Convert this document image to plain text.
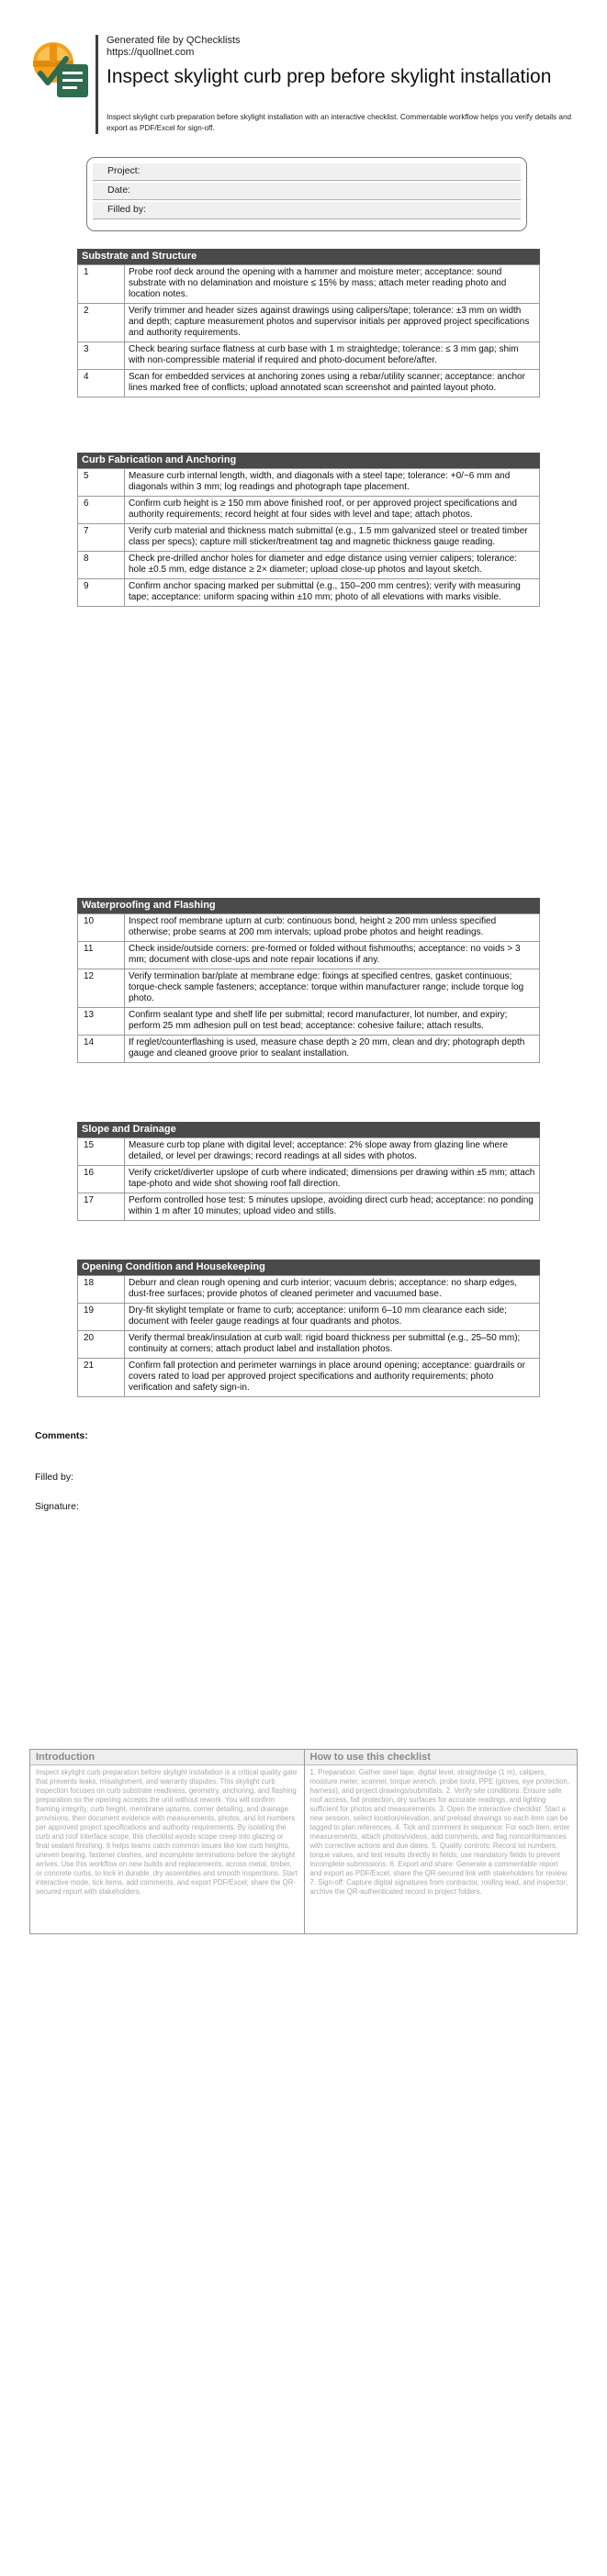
Generated file by QChecklists
https://quollnet.com
Inspect skylight curb prep before skylight installation
Inspect skylight curb preparation before skylight installation with an interactive checklist. Commentable workflow helps you verify details and export as PDF/Excel for sign-off.
Project:
Date:
Filled by:
Substrate and Structure
1	Probe roof deck around the opening with a hammer and moisture meter; acceptance: sound substrate with no delamination and moisture ≤ 15% by mass; attach meter reading photo and location notes.
2	Verify trimmer and header sizes against drawings using calipers/tape; tolerance: ±3 mm on width and depth; capture measurement photos and supervisor initials per approved project specifications and authority requirements.
3	Check bearing surface flatness at curb base with 1 m straightedge; tolerance: ≤ 3 mm gap; shim with non-compressible material if required and photo-document before/after.
4	Scan for embedded services at anchoring zones using a rebar/utility scanner; acceptance: anchor lines marked free of conflicts; upload annotated scan screenshot and painted layout photo.
Curb Fabrication and Anchoring
5	Measure curb internal length, width, and diagonals with a steel tape; tolerance: +0/−6 mm and diagonals within 3 mm; log readings and photograph tape placement.
6	Confirm curb height is ≥ 150 mm above finished roof, or per approved project specifications and authority requirements; record height at four sides with level and tape; attach photos.
7	Verify curb material and thickness match submittal (e.g., 1.5 mm galvanized steel or treated timber class per specs); capture mill sticker/treatment tag and magnetic thickness gauge reading.
8	Check pre-drilled anchor holes for diameter and edge distance using vernier calipers; tolerance: hole ±0.5 mm, edge distance ≥ 2× diameter; upload close-up photos and layout sketch.
9	Confirm anchor spacing marked per submittal (e.g., 150–200 mm centres); verify with measuring tape; acceptance: uniform spacing within ±10 mm; photo of all elevations with marks visible.
Waterproofing and Flashing
10	Inspect roof membrane upturn at curb: continuous bond, height ≥ 200 mm unless specified otherwise; probe seams at 200 mm intervals; upload probe photos and height readings.
11	Check inside/outside corners: pre-formed or folded without fishmouths; acceptance: no voids > 3 mm; document with close-ups and note repair locations if any.
12	Verify termination bar/plate at membrane edge: fixings at specified centres, gasket continuous; torque-check sample fasteners; acceptance: torque within manufacturer range; include torque log photo.
13	Confirm sealant type and shelf life per submittal; record manufacturer, lot number, and expiry; perform 25 mm adhesion pull on test bead; acceptance: cohesive failure; attach results.
14	If reglet/counterflashing is used, measure chase depth ≥ 20 mm, clean and dry; photograph depth gauge and cleaned groove prior to sealant installation.
Slope and Drainage
15	Measure curb top plane with digital level; acceptance: 2% slope away from glazing line where detailed, or level per drawings; record readings at all sides with photos.
16	Verify cricket/diverter upslope of curb where indicated; dimensions per drawing within ±5 mm; attach tape-photo and wide shot showing roof fall direction.
17	Perform controlled hose test: 5 minutes upslope, avoiding direct curb head; acceptance: no ponding within 1 m after 10 minutes; upload video and stills.
Opening Condition and Housekeeping
18	Deburr and clean rough opening and curb interior; vacuum debris; acceptance: no sharp edges, dust-free surfaces; provide photos of cleaned perimeter and vacuumed base.
19	Dry-fit skylight template or frame to curb; acceptance: uniform 6–10 mm clearance each side; document with feeler gauge readings at four quadrants and photos.
20	Verify thermal break/insulation at curb wall: rigid board thickness per submittal (e.g., 25–50 mm); continuity at corners; attach product label and installation photos.
21	Confirm fall protection and perimeter warnings in place around opening; acceptance: guardrails or covers rated to load per approved project specifications and authority requirements; photo verification and safety sign-in.
Comments:
Filled by:
Signature:
Introduction
Inspect skylight curb preparation before skylight installation is a critical quality gate that prevents leaks, misalignment, and warranty disputes. This skylight curb inspection focuses on curb substrate readiness, geometry, anchoring, and flashing preparation so the opening accepts the unit without rework. You will confirm framing integrity, curb height, membrane upturns, corner detailing, and drainage provisions, then document evidence with measurements, photos, and lot numbers per approved project specifications and authority requirements. By isolating the curb and roof interface scope, this checklist avoids scope creep into glazing or final sealant finishing. It helps teams catch common issues like low curb heights, uneven bearing, fastener clashes, and incomplete terminations before the skylight arrives. Use this workflow on new builds and replacements, across metal, timber, or concrete curbs, to lock in durable, dry assemblies and smooth inspections. Start interactive mode, tick items, add comments, and export PDF/Excel; share the QR-secured report with stakeholders.
How to use this checklist
1. Preparation: Gather steel tape, digital level, straightedge (1 m), calipers, moisture meter, scanner, torque wrench, probe tools, PPE (gloves, eye protection, harness), and project drawings/submittals. 2. Verify site conditions: Ensure safe roof access, fall protection, dry surfaces for accurate readings, and lighting sufficient for photos and measurements. 3. Open the interactive checklist: Start a new session, select location/elevation, and preload drawings so each item can be tagged to plan references. 4. Tick and comment in sequence: For each item, enter measurements, attach photos/videos, add comments, and flag nonconformances with corrective actions and due dates. 5. Quality controls: Record lot numbers, torque values, and test results directly in fields; use mandatory fields to prevent incomplete submissions. 6. Export and share: Generate a commentable report and export as PDF/Excel; share the QR-secured link with stakeholders for review. 7. Sign-off: Capture digital signatures from contractor, roofing lead, and inspector; archive the QR-authenticated record in project folders.
